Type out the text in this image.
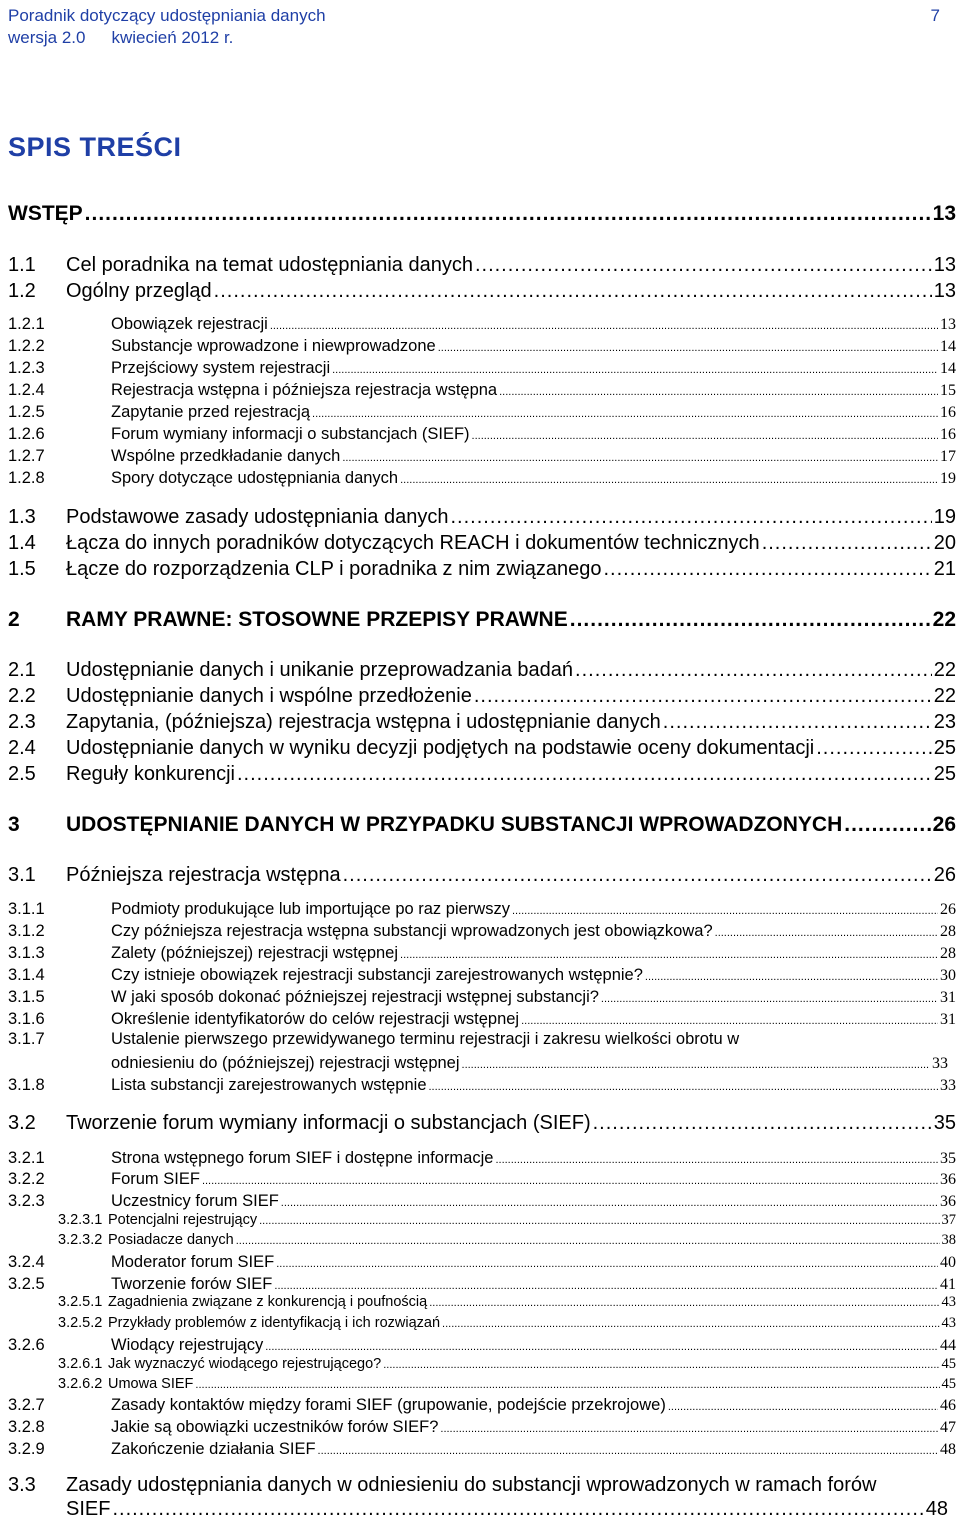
Poradnik dotyczący udostępniania danych	7
wersja 2.0 kwiecień 2012 r.
SPIS TREŚCI
WSTĘP .....	13
1.1	Cel poradnika na temat udostępniania danych .....	13
1.2	Ogólny przegląd .....	13
1.2.1	Obowiązek rejestracji .....	13
1.2.2	Substancje wprowadzone i niewprowadzone .....	14
1.2.3	Przejściowy system rejestracji .....	14
1.2.4	Rejestracja wstępna i późniejsza rejestracja wstępna .....	15
1.2.5	Zapytanie przed rejestracją .....	16
1.2.6	Forum wymiany informacji o substancjach (SIEF) .....	16
1.2.7	Wspólne przedkładanie danych .....	17
1.2.8	Spory dotyczące udostępniania danych .....	19
1.3	Podstawowe zasady udostępniania danych .....	19
1.4	Łącza do innych poradników dotyczących REACH i dokumentów technicznych .....	20
1.5	Łącze do rozporządzenia CLP i poradnika z nim związanego .....	21
2	RAMY PRAWNE: STOSOWNE PRZEPISY PRAWNE .....	22
2.1	Udostępnianie danych i unikanie przeprowadzania badań .....	22
2.2	Udostępnianie danych i wspólne przedłożenie .....	22
2.3	Zapytania, (późniejsza) rejestracja wstępna i udostępnianie danych .....	23
2.4	Udostępnianie danych w wyniku decyzji podjętych na podstawie oceny dokumentacji .....	25
2.5	Reguły konkurencji .....	25
3	UDOSTĘPNIANIE DANYCH W PRZYPADKU SUBSTANCJI WPROWADZONYCH .....	26
3.1	Późniejsza rejestracja wstępna .....	26
3.1.1	Podmioty produkujące lub importujące po raz pierwszy .....	26
3.1.2	Czy późniejsza rejestracja wstępna substancji wprowadzonych jest obowiązkowa? .....	28
3.1.3	Zalety (późniejszej) rejestracji wstępnej .....	28
3.1.4	Czy istnieje obowiązek rejestracji substancji zarejestrowanych wstępnie? .....	30
3.1.5	W jaki sposób dokonać późniejszej rejestracji wstępnej substancji? .....	31
3.1.6	Określenie identyfikatorów do celów rejestracji wstępnej .....	31
3.1.7	Ustalenie pierwszego przewidywanego terminu rejestracji i zakresu wielkości obrotu w
odniesieniu do (późniejszej) rejestracji wstępnej .....	33
3.1.8	Lista substancji zarejestrowanych wstępnie .....	33
3.2	Tworzenie forum wymiany informacji o substancjach (SIEF) .....	35
3.2.1	Strona wstępnego forum SIEF i dostępne informacje .....	35
3.2.2	Forum SIEF .....	36
3.2.3	Uczestnicy forum SIEF .....	36
3.2.3.1 Potencjalni rejestrujący .....	37
3.2.3.2 Posiadacze danych .....	38
3.2.4	Moderator forum SIEF .....	40
3.2.5	Tworzenie forów SIEF .....	41
3.2.5.1 Zagadnienia związane z konkurencją i poufnością .....	43
3.2.5.2 Przykłady problemów z identyfikacją i ich rozwiązań .....	43
3.2.6	Wiodący rejestrujący .....	44
3.2.6.1 Jak wyznaczyć wiodącego rejestrującego? .....	45
3.2.6.2 Umowa SIEF .....	45
3.2.7	Zasady kontaktów między forami SIEF (grupowanie, podejście przekrojowe) .....	46
3.2.8	Jakie są obowiązki uczestników forów SIEF? .....	47
3.2.9	Zakończenie działania SIEF .....	48
3.3	Zasady udostępniania danych w odniesieniu do substancji wprowadzonych w ramach forów
SIEF .....	48
